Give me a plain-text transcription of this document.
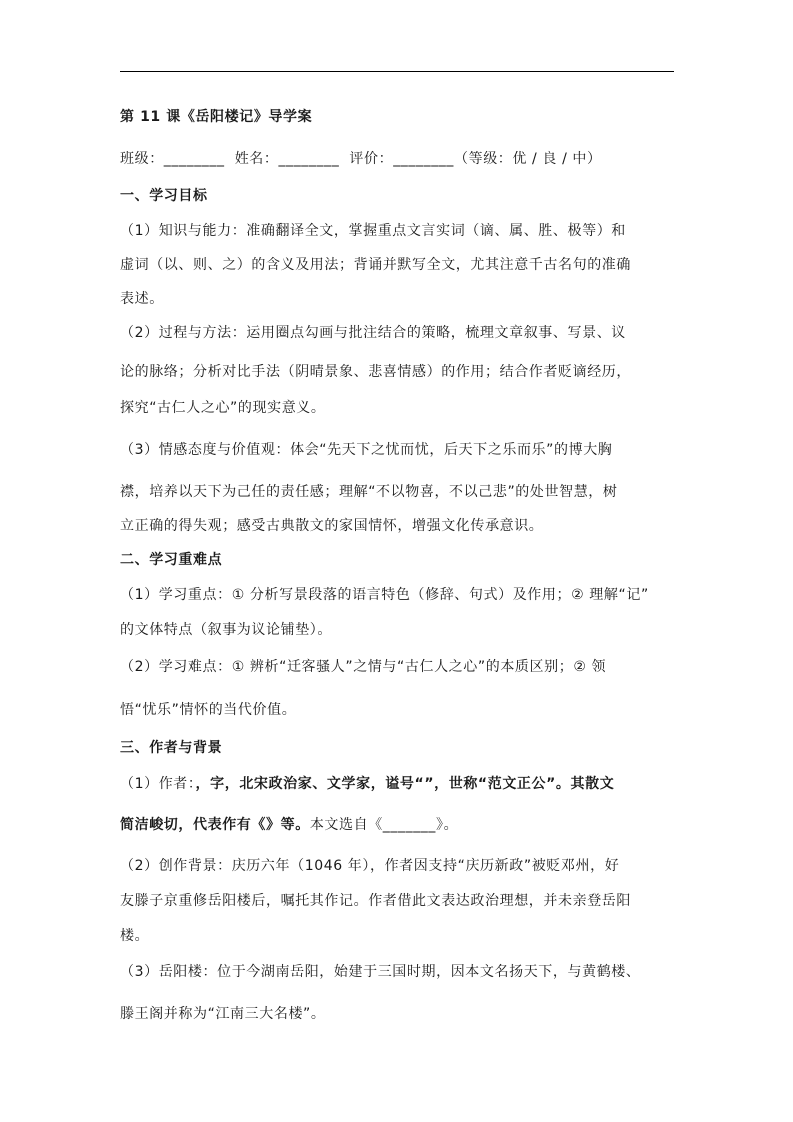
第 11 课《岳阳楼记》导学案
班级：________  姓名：________  评价：________（等级：优 / 良 / 中）
一、学习目标
（1）知识与能力：准确翻译全文，掌握重点文言实词（谪、属、胜、极等）和
虚词（以、则、之）的含义及用法；背诵并默写全文，尤其注意千古名句的准确
表述。
（2）过程与方法：运用圈点勾画与批注结合的策略，梳理文章叙事、写景、议
论的脉络；分析对比手法（阴晴景象、悲喜情感）的作用；结合作者贬谪经历，
探究“古仁人之心”的现实意义。
（3）情感态度与价值观：体会“先天下之忧而忧，后天下之乐而乐”的博大胸
襟，培养以天下为己任的责任感；理解“不以物喜，不以己悲”的处世智慧，树
立正确的得失观；感受古典散文的家国情怀，增强文化传承意识。
二、学习重难点
（1）学习重点：① 分析写景段落的语言特色（修辞、句式）及作用；② 理解“记”
的文体特点（叙事为议论铺垫）。
（2）学习难点：① 辨析“迁客骚人”之情与“古仁人之心”的本质区别；② 领
悟“忧乐”情怀的当代价值。
三、作者与背景
（1）作者：，字，北宋政治家、文学家，谥号“”，世称“范文正公”。其散文
简洁峻切，代表作有《》等。本文选自《_______》。
（2）创作背景：庆历六年（1046 年），作者因支持“庆历新政”被贬邓州，好
友滕子京重修岳阳楼后，嘱托其作记。作者借此文表达政治理想，并未亲登岳阳
楼。
（3）岳阳楼：位于今湖南岳阳，始建于三国时期，因本文名扬天下，与黄鹤楼、
滕王阁并称为“江南三大名楼”。
